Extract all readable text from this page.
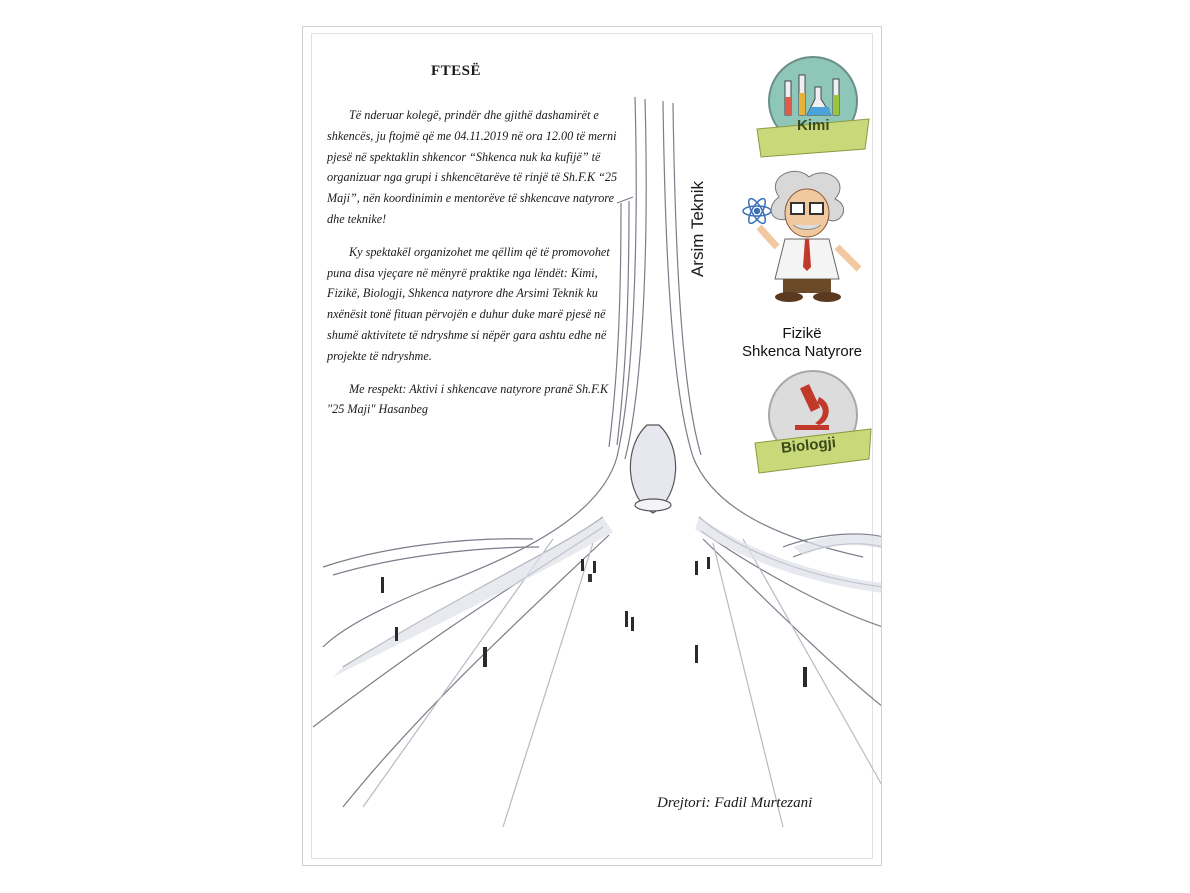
FTESË

Të nderuar kolegë, prindër dhe gjithë dashamirët e shkencës, ju ftojmë që me 04.11.2019 në ora 12.00 të merni pjesë në spektaklin shkencor “Shkenca nuk ka kufijë” të organizuar nga grupi i shkencëtarëve të rinjë të Sh.F.K “25 Maji”, nën koordinimin e mentorëve të shkencave natyrore dhe teknike!

Ky spektakël organizohet me qëllim që të promovohet puna disa vjeçare në mënyrë praktike nga lëndët: Kimi, Fizikë, Biologji, Shkenca natyrore dhe Arsimi Teknik ku nxënësit tonë fituan përvojën e duhur duke marë pjesë në shumë aktivitete të ndryshme si nëpër gara ashtu edhe në projekte të ndryshme.

Me respekt: Aktivi i shkencave natyrore pranë Sh.F.K "25 Maji" Hasanbeg

Arsim Teknik
Kimi
Fizikë
Shkenca Natyrore
Biologji
Drejtori: Fadil Murtezani
